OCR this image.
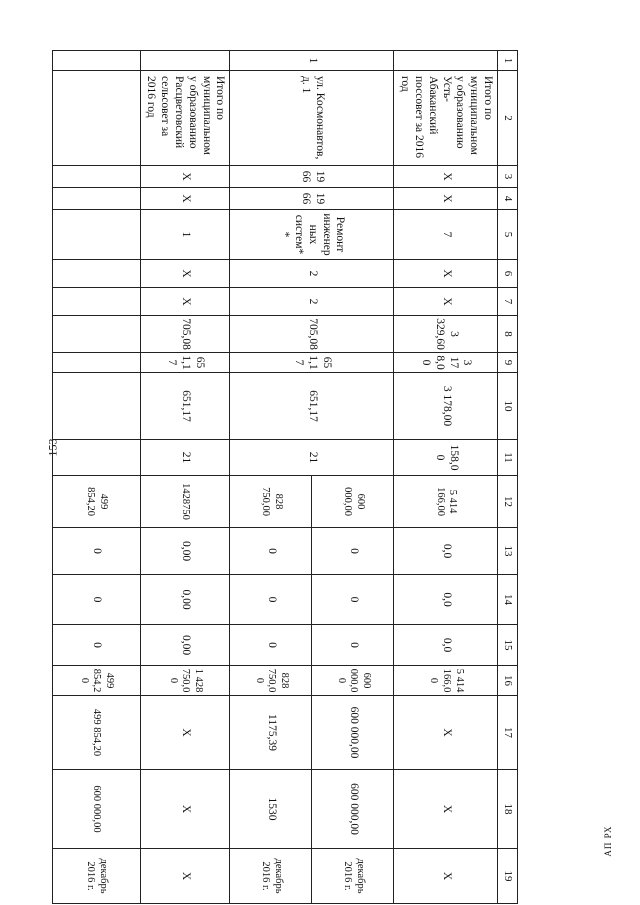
153
АП РХ
1	2	3	4	5	6	7	8	9	10	11	12	13	14	15	16	17	18	19
	Итого по муниципальному образованию Усть-Абаканский поссовет за 2016 год	Х	Х	7	Х	Х	3 329,60	3 178,00	3 178,00	158,00	5 414 166,00	0,0	0,0	0,0	5 414 166,00	Х	Х	Х
1	ул. Космонавтов, д. 1	1966	1966	Ремонт инженерных систем**	2	2	705,08	651,17	651,17	21	600 000,00	0	0	0	600 000,00	600 000,00	600 000,00	декабрь 2016 г.
											828 750,00	0	0	0	828 750,00	1175,39	1530	декабрь 2016 г.
	Итого по муниципальному образованию Расцветовский сельсовет за 2016 год	Х	Х	1	Х	Х	705,08	651,17	651,17	21	1428750	0,00	0,00	0,00	1 428 750,00	Х	Х	Х
											499 854,20	0	0	0	499 854,20	499 854,20	600 000,00	декабрь 2016 г.
